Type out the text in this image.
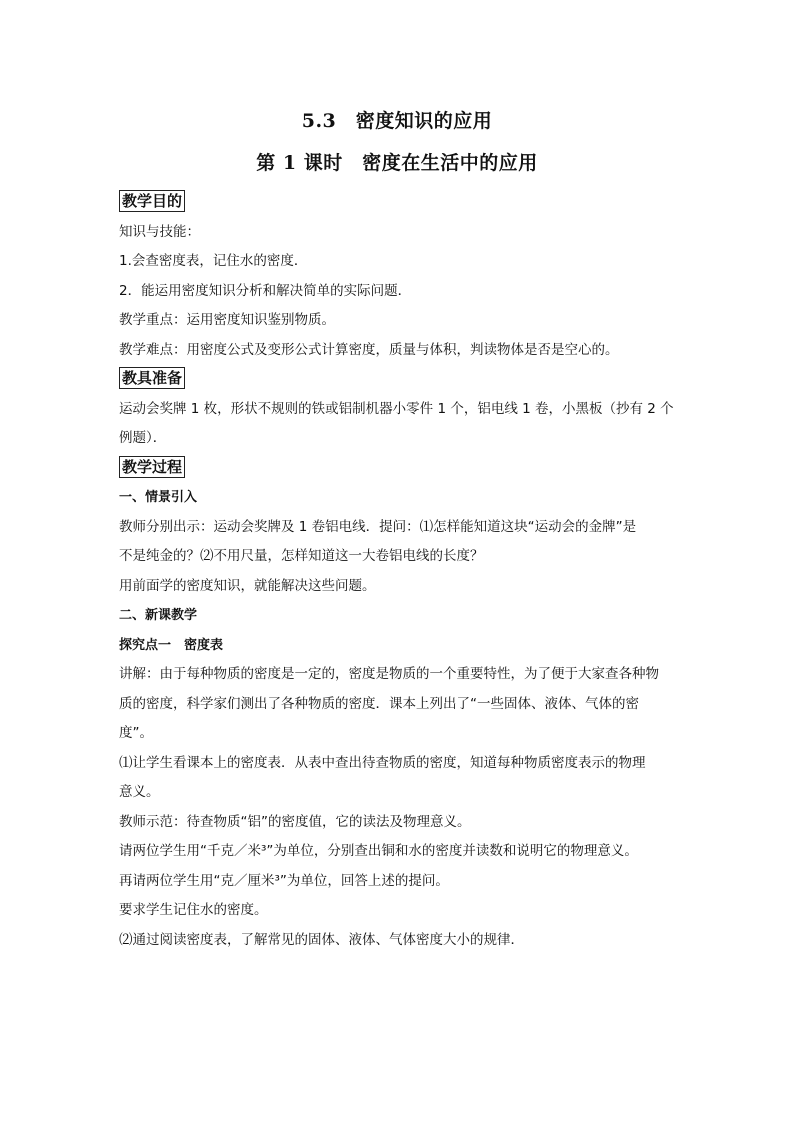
5.3　密度知识的应用
第 1 课时　密度在生活中的应用
教学目的

知识与技能：

1.会查密度表，记住水的密度．

2．能运用密度知识分析和解决简单的实际问题．

教学重点：运用密度知识鉴别物质。

教学难点：用密度公式及变形公式计算密度，质量与体积，判读物体是否是空心的。

教具准备

运动会奖牌 1 枚，形状不规则的铁或铝制机器小零件 1 个，铝电线 1 卷，小黑板（抄有 2 个

例题）．

教学过程

一、情景引入

教师分别出示：运动会奖牌及 1 卷铝电线．提问：⑴怎样能知道这块“运动会的金牌”是

不是纯金的？⑵不用尺量，怎样知道这一大卷铝电线的长度？

用前面学的密度知识，就能解决这些问题。

二、新课教学

探究点一　密度表

讲解：由于每种物质的密度是一定的，密度是物质的一个重要特性，为了便于大家查各种物

质的密度，科学家们测出了各种物质的密度．课本上列出了“一些固体、液体、气体的密

度”。

⑴让学生看课本上的密度表．从表中查出待查物质的密度，知道每种物质密度表示的物理

意义。

教师示范：待查物质“铝”的密度值，它的读法及物理意义。

请两位学生用“千克／米³”为单位，分别查出铜和水的密度并读数和说明它的物理意义。

再请两位学生用“克／厘米³”为单位，回答上述的提问。

要求学生记住水的密度。

⑵通过阅读密度表，了解常见的固体、液体、气体密度大小的规律．
